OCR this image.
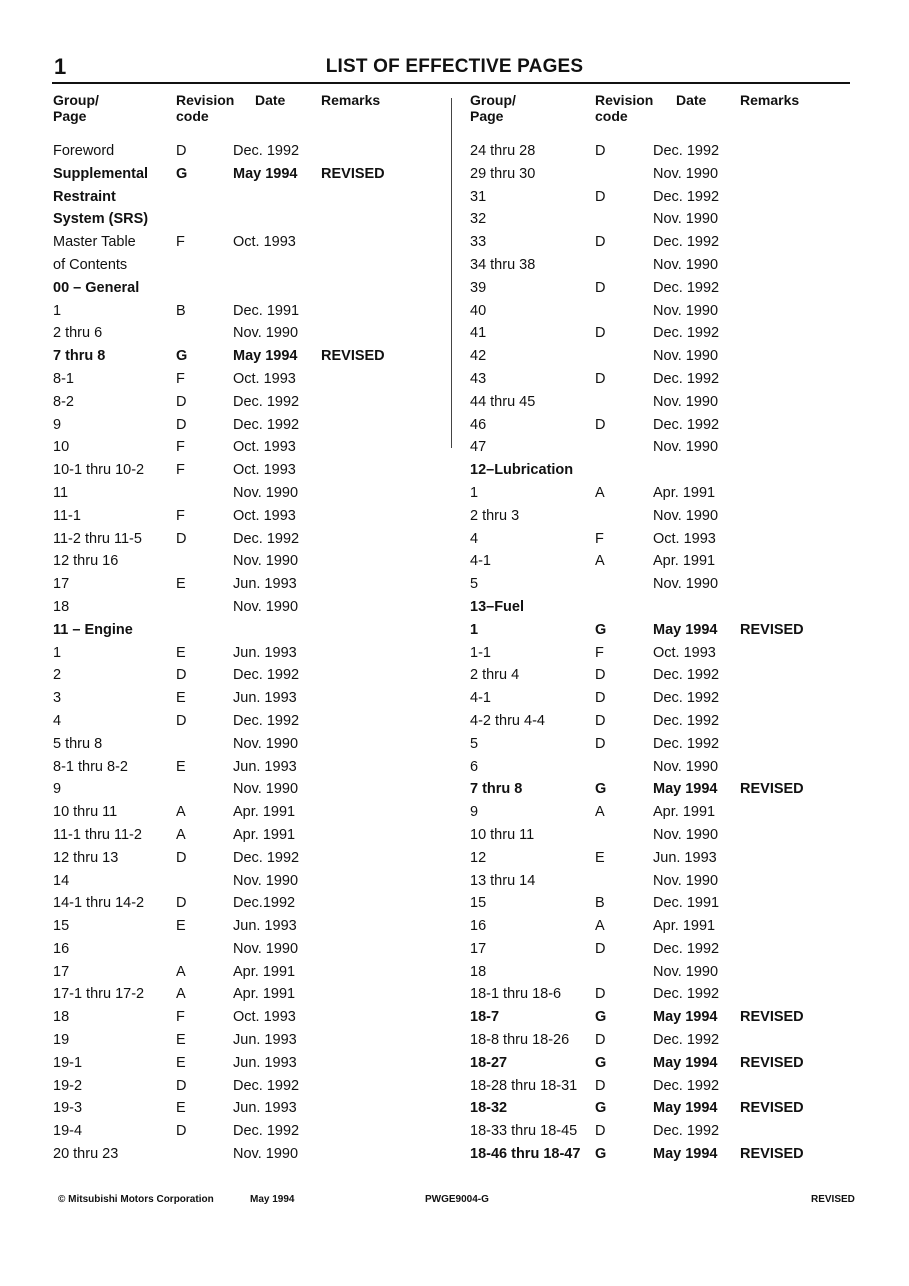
1	LIST OF EFFECTIVE PAGES
Group/
Page
Revision
code
Date	Remarks
Foreword	D	Dec. 1992
Supplemental G	May 1994 REVISED
Restraint
System (SRS)
Master Table	F	Oct. 1993
of Contents
00 – General
1	B	Dec. 1991
2 thru 6	Nov. 1990
7 thru 8	G	May 1994 REVISED
8-1	F	Oct. 1993
8-2	D	Dec. 1992
9	D	Dec. 1992
10	F	Oct. 1993
10-1 thru 10-2 F	Oct. 1993
11	Nov. 1990
11-1	F	Oct. 1993
11-2 thru 11-5 D	Dec. 1992
12 thru 16	Nov. 1990
17	E	Jun. 1993
18	Nov. 1990
11 – Engine
1	E	Jun. 1993
2	D	Dec. 1992
3	E	Jun. 1993
4	D	Dec. 1992
5 thru 8	Nov. 1990
8-1 thru 8-2	E	Jun. 1993
9	Nov. 1990
10 thru 11	A	Apr. 1991
11-1 thru 11-2 A	Apr. 1991
12 thru 13	D	Dec. 1992
14	Nov. 1990
14-1 thru 14-2 D	Dec.1992
15	E	Jun. 1993
16	Nov. 1990
17	A	Apr. 1991
17-1 thru 17-2 A	Apr. 1991
18	F	Oct. 1993
19	E	Jun. 1993
19-1	E	Jun. 1993
19-2	D	Dec. 1992
19-3	E	Jun. 1993
19-4	D	Dec. 1992
20 thru 23	Nov. 1990
Group/
Page
Revision
code
Date Remarks
24 thru 28	D	Dec. 1992
29 thru 30	Nov. 1990
31	D	Dec. 1992
32	Nov. 1990
33	D	Dec. 1992
34 thru 38	Nov. 1990
39	D	Dec. 1992
40	Nov. 1990
41	D	Dec. 1992
42	Nov. 1990
43	D	Dec. 1992
44 thru 45	Nov. 1990
46	D	Dec. 1992
47	Nov. 1990
12–Lubrication
1	A	Apr. 1991
2 thru 3	Nov. 1990
4	F	Oct. 1993
4-1	A	Apr. 1991
5	Nov. 1990
13–Fuel
1	G	May 1994 REVISED
1-1	F	Oct. 1993
2 thru 4	D	Dec. 1992
4-1	D	Dec. 1992
4-2 thru 4-4	D	Dec. 1992
5	D	Dec. 1992
6	Nov. 1990
7 thru 8	G	May 1994 REVISED
9	A	Apr. 1991
10 thru 11	Nov. 1990
12	E	Jun. 1993
13 thru 14	Nov. 1990
15	B	Dec. 1991
16	A	Apr. 1991
17	D	Dec. 1992
18	Nov. 1990
18-1 thru 18-6 D	Dec. 1992
18-7	G	May 1994 REVISED
18-8 thru 18-26 D	Dec. 1992
18-27	G	May 1994 REVISED
18-28 thru 18-31 D	Dec. 1992
18-32	G	May 1994 REVISED
18-33 thru 18-45 D	Dec. 1992
18-46 thru 18-47 G	May 1994 REVISED
© Mitsubishi Motors Corporation	May 1994	PWGE9004-G	REVISED
